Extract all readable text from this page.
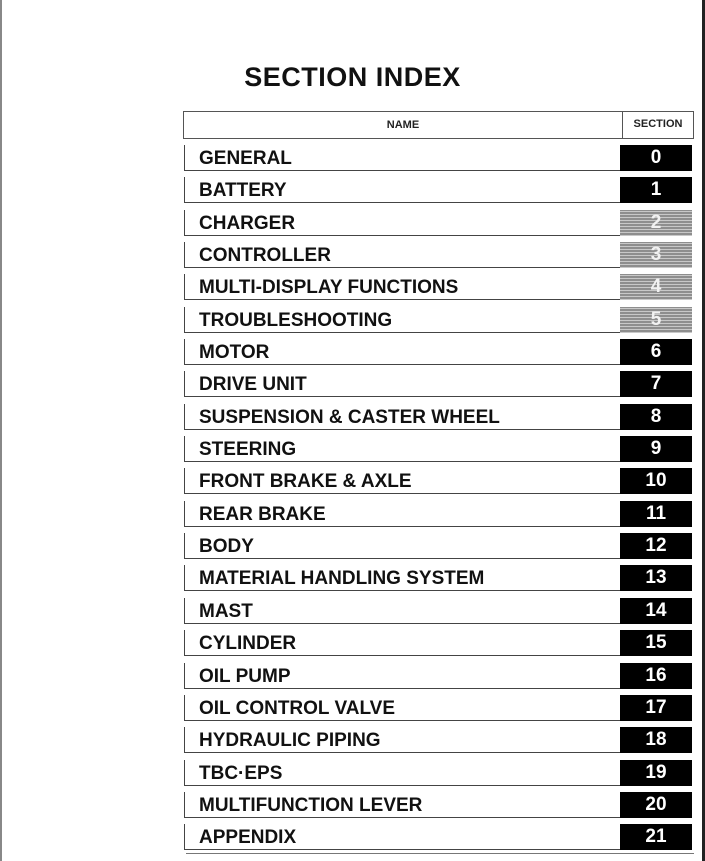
SECTION INDEX
NAME	SECTION
GENERAL	0
BATTERY	1
CHARGER	2
CONTROLLER	3
MULTI-DISPLAY FUNCTIONS	4
TROUBLESHOOTING	5
MOTOR	6
DRIVE UNIT	7
SUSPENSION & CASTER WHEEL	8
STEERING	9
FRONT BRAKE & AXLE	10
REAR BRAKE	11
BODY	12
MATERIAL HANDLING SYSTEM	13
MAST	14
CYLINDER	15
OIL PUMP	16
OIL CONTROL VALVE	17
HYDRAULIC PIPING	18
TBC·EPS	19
MULTIFUNCTION LEVER	20
APPENDIX	21
